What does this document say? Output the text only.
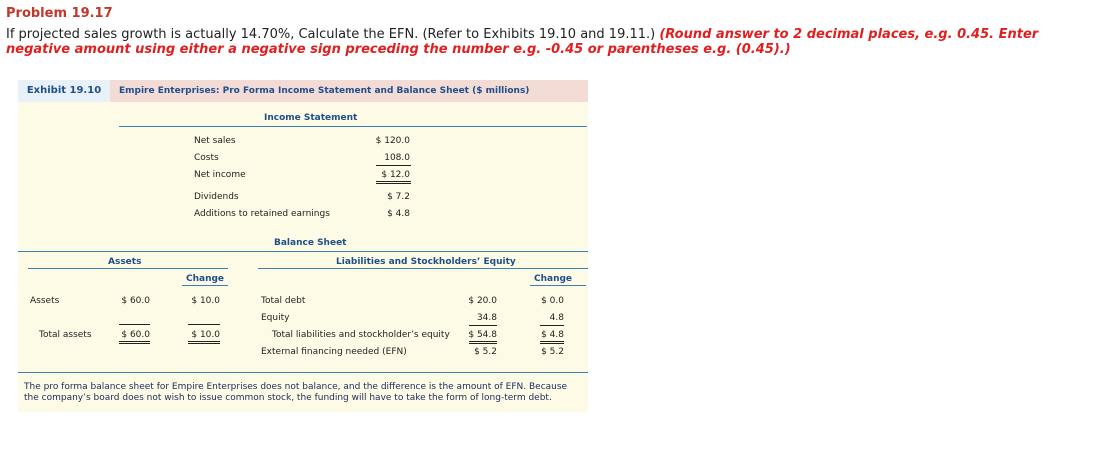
Problem 19.17
If projected sales growth is actually 14.70%, Calculate the EFN. (Refer to Exhibits 19.10 and 19.11.) (Round answer to 2 decimal places, e.g. 0.45. Enter negative amount using either a negative sign preceding the number e.g. -0.45 or parentheses e.g. (0.45).)
Exhibit 19.10	Empire Enterprises: Pro Forma Income Statement and Balance Sheet ($ millions)
Income Statement
Net sales	$ 120.0
Costs	108.0
Net income	$ 12.0
Dividends	$ 7.2
Additions to retained earnings	$ 4.8
Balance Sheet
Assets	Liabilities and Stockholders’ Equity
Change	Change
Assets	$ 60.0	$ 10.0
Total assets	$ 60.0	$ 10.0
Total debt	$ 20.0	$ 0.0
Equity	34.8	4.8
Total liabilities and stockholder’s equity	$ 54.8	$ 4.8
External financing needed (EFN)	$ 5.2	$ 5.2
The pro forma balance sheet for Empire Enterprises does not balance, and the difference is the amount of EFN. Because the company’s board does not wish to issue common stock, the funding will have to take the form of long-term debt.
